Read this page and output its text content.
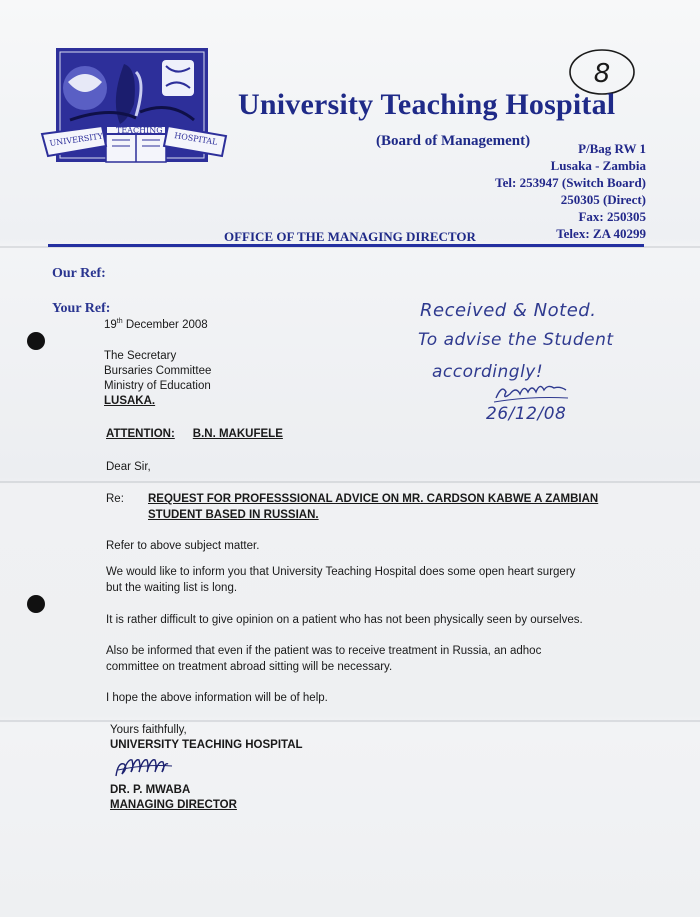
8
UNIVERSITY
TEACHING
HOSPITAL
University Teaching Hospital
(Board of Management)	P/Bag RW 1
Lusaka - Zambia
Tel: 253947 (Switch Board)
250305 (Direct)
Fax: 250305
Telex: ZA 40299
OFFICE OF THE MANAGING DIRECTOR
Our Ref:
Your Ref:
19th December 2008
The Secretary
Bursaries Committee
Ministry of Education
LUSAKA.
ATTENTION: B.N. MAKUFELE
Dear Sir,
Re: REQUEST FOR PROFESSSIONAL ADVICE ON MR. CARDSON KABWE A ZAMBIAN
STUDENT BASED IN RUSSIAN.
Refer to above subject matter.
We would like to inform you that University Teaching Hospital does some open heart surgery
but the waiting list is long.
It is rather difficult to give opinion on a patient who has not been physically seen by ourselves.
Also be informed that even if the patient was to receive treatment in Russia, an adhoc
committee on treatment abroad sitting will be necessary.
I hope the above information will be of help.
Yours faithfully,
UNIVERSITY TEACHING HOSPITAL
DR. P. MWABA
MANAGING DIRECTOR
Received & Noted.
To advise the Student
accordingly!
26/12/08
